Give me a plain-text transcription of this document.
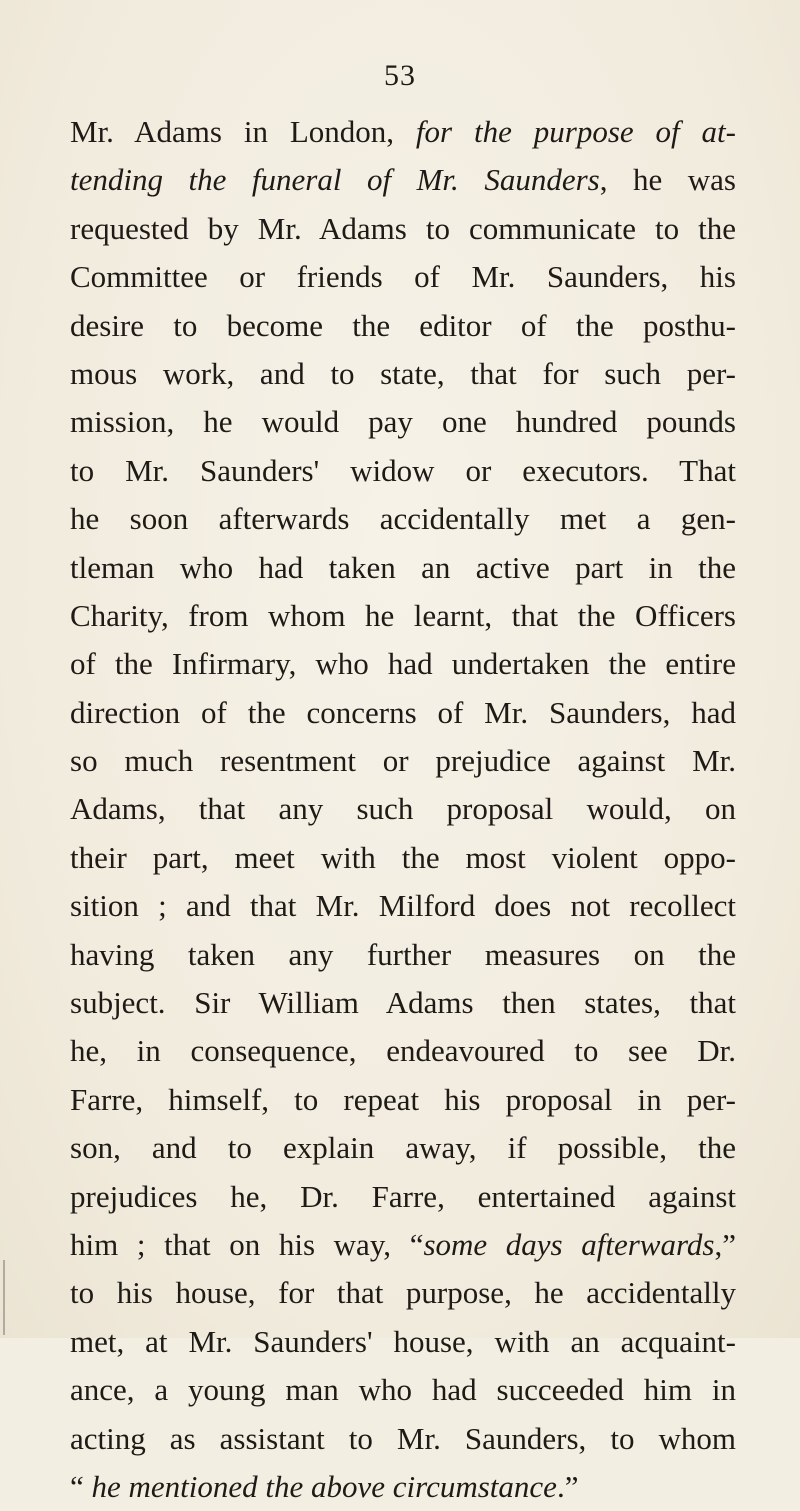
53
Mr. Adams in London, for the purpose of at-
tending the funeral of Mr. Saunders, he was
requested by Mr. Adams to communicate to the
Committee or friends of Mr. Saunders, his
desire to become the editor of the posthu-
mous work, and to state, that for such per-
mission, he would pay one hundred pounds
to Mr. Saunders' widow or executors. That
he soon afterwards accidentally met a gen-
tleman who had taken an active part in the
Charity, from whom he learnt, that the Officers
of the Infirmary, who had undertaken the entire
direction of the concerns of Mr. Saunders, had
so much resentment or prejudice against Mr.
Adams, that any such proposal would, on
their part, meet with the most violent oppo-
sition ; and that Mr. Milford does not recollect
having taken any further measures on the
subject. Sir William Adams then states, that
he, in consequence, endeavoured to see Dr.
Farre, himself, to repeat his proposal in per-
son, and to explain away, if possible, the
prejudices he, Dr. Farre, entertained against
him ; that on his way, “some days afterwards,”
to his house, for that purpose, he accidentally
met, at Mr. Saunders' house, with an acquaint-
ance, a young man who had succeeded him in
acting as assistant to Mr. Saunders, to whom
“ he mentioned the above circumstance.”
